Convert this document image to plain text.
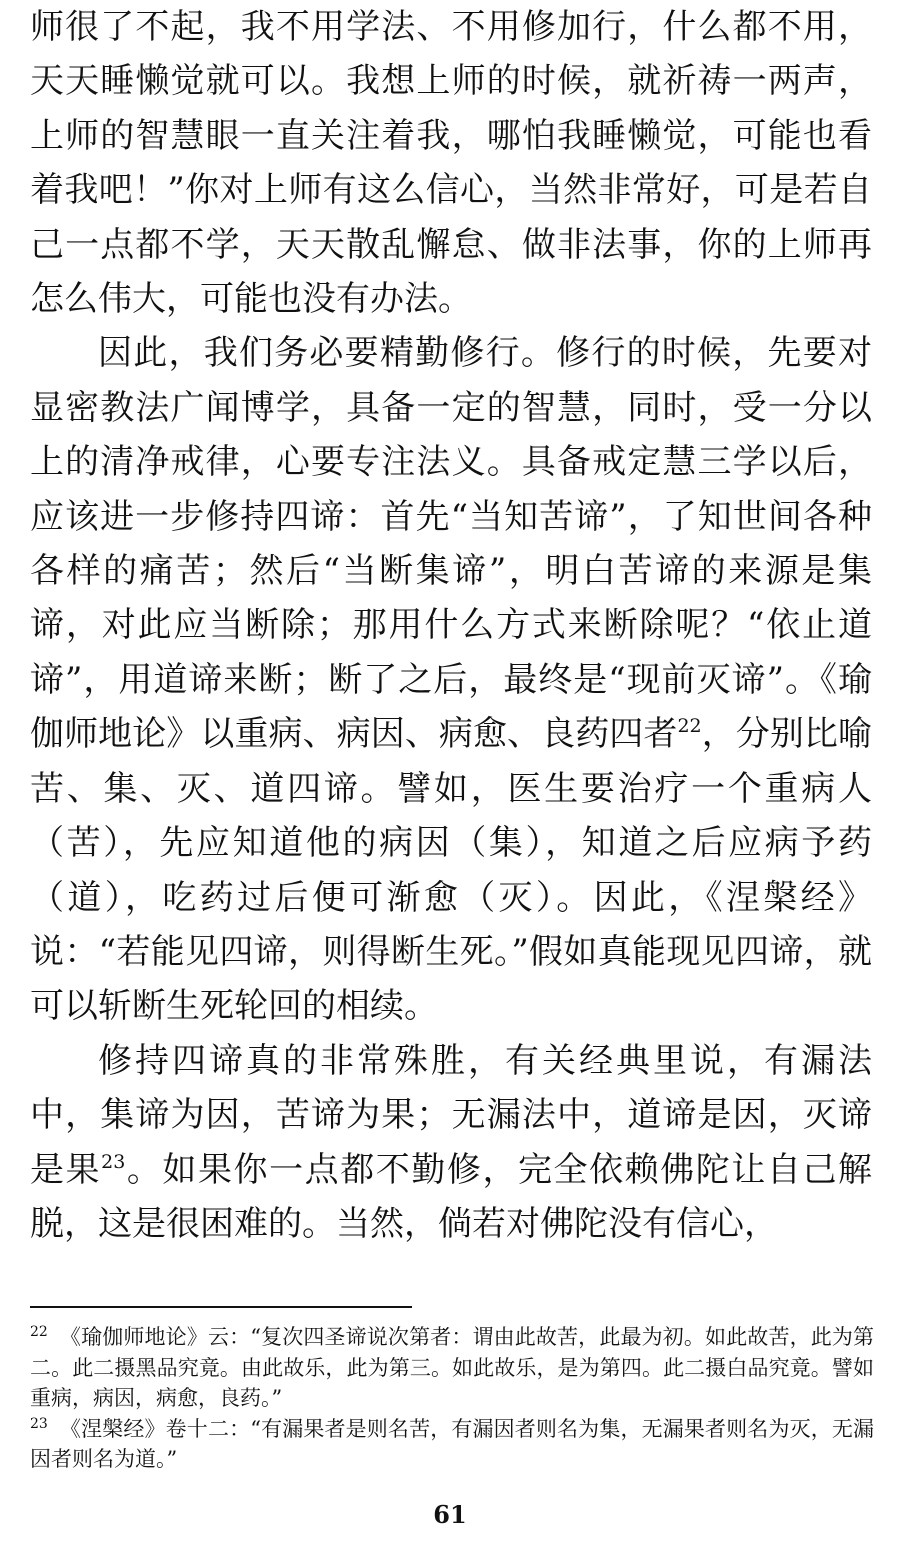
师很了不起，我不用学法、不用修加行，什么都不用，天天睡懒觉就可以。我想上师的时候，就祈祷一两声，上师的智慧眼一直关注着我，哪怕我睡懒觉，可能也看着我吧！”你对上师有这么信心，当然非常好，可是若自己一点都不学，天天散乱懈怠、做非法事，你的上师再怎么伟大，可能也没有办法。

因此，我们务必要精勤修行。修行的时候，先要对显密教法广闻博学，具备一定的智慧，同时，受一分以上的清净戒律，心要专注法义。具备戒定慧三学以后，应该进一步修持四谛：首先“当知苦谛”，了知世间各种各样的痛苦；然后“当断集谛”，明白苦谛的来源是集谛，对此应当断除；那用什么方式来断除呢？“依止道谛”，用道谛来断；断了之后，最终是“现前灭谛”。《瑜伽师地论》以重病、病因、病愈、良药四者$^{22}$，分别比喻苦、集、灭、道四谛。譬如，医生要治疗一个重病人（苦），先应知道他的病因（集），知道之后应病予药（道），吃药过后便可渐愈（灭）。因此，《涅槃经》说：“若能见四谛，则得断生死。”假如真能现见四谛，就可以斩断生死轮回的相续。

修持四谛真的非常殊胜，有关经典里说，有漏法中，集谛为因，苦谛为果；无漏法中，道谛是因，灭谛是果$^{23}$。如果你一点都不勤修，完全依赖佛陀让自己解脱，这是很困难的。当然，倘若对佛陀没有信心，

$^{22}$ 《瑜伽师地论》云：“复次四圣谛说次第者：谓由此故苦，此最为初。如此故苦，此为第二。此二摄黑品究竟。由此故乐，此为第三。如此故乐，是为第四。此二摄白品究竟。譬如重病，病因，病愈，良药。”

$^{23}$ 《涅槃经》卷十二：“有漏果者是则名苦，有漏因者则名为集，无漏果者则名为灭，无漏因者则名为道。”

61
